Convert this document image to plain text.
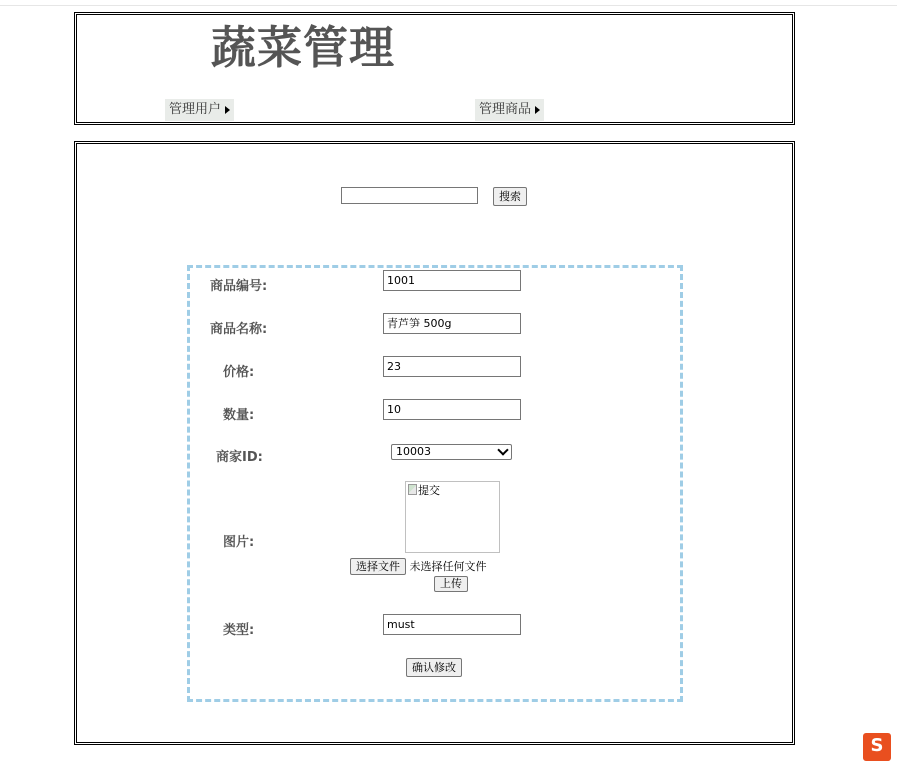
蔬菜管理
管理用户	管理商品
搜索
商品编号:	1001
商品名称:	青芦笋 500g
价格:	23
数量:	10
商家ID:	10003
图片:
提交
选择文件 未选择任何文件
上传
类型:	must
确认修改
S
